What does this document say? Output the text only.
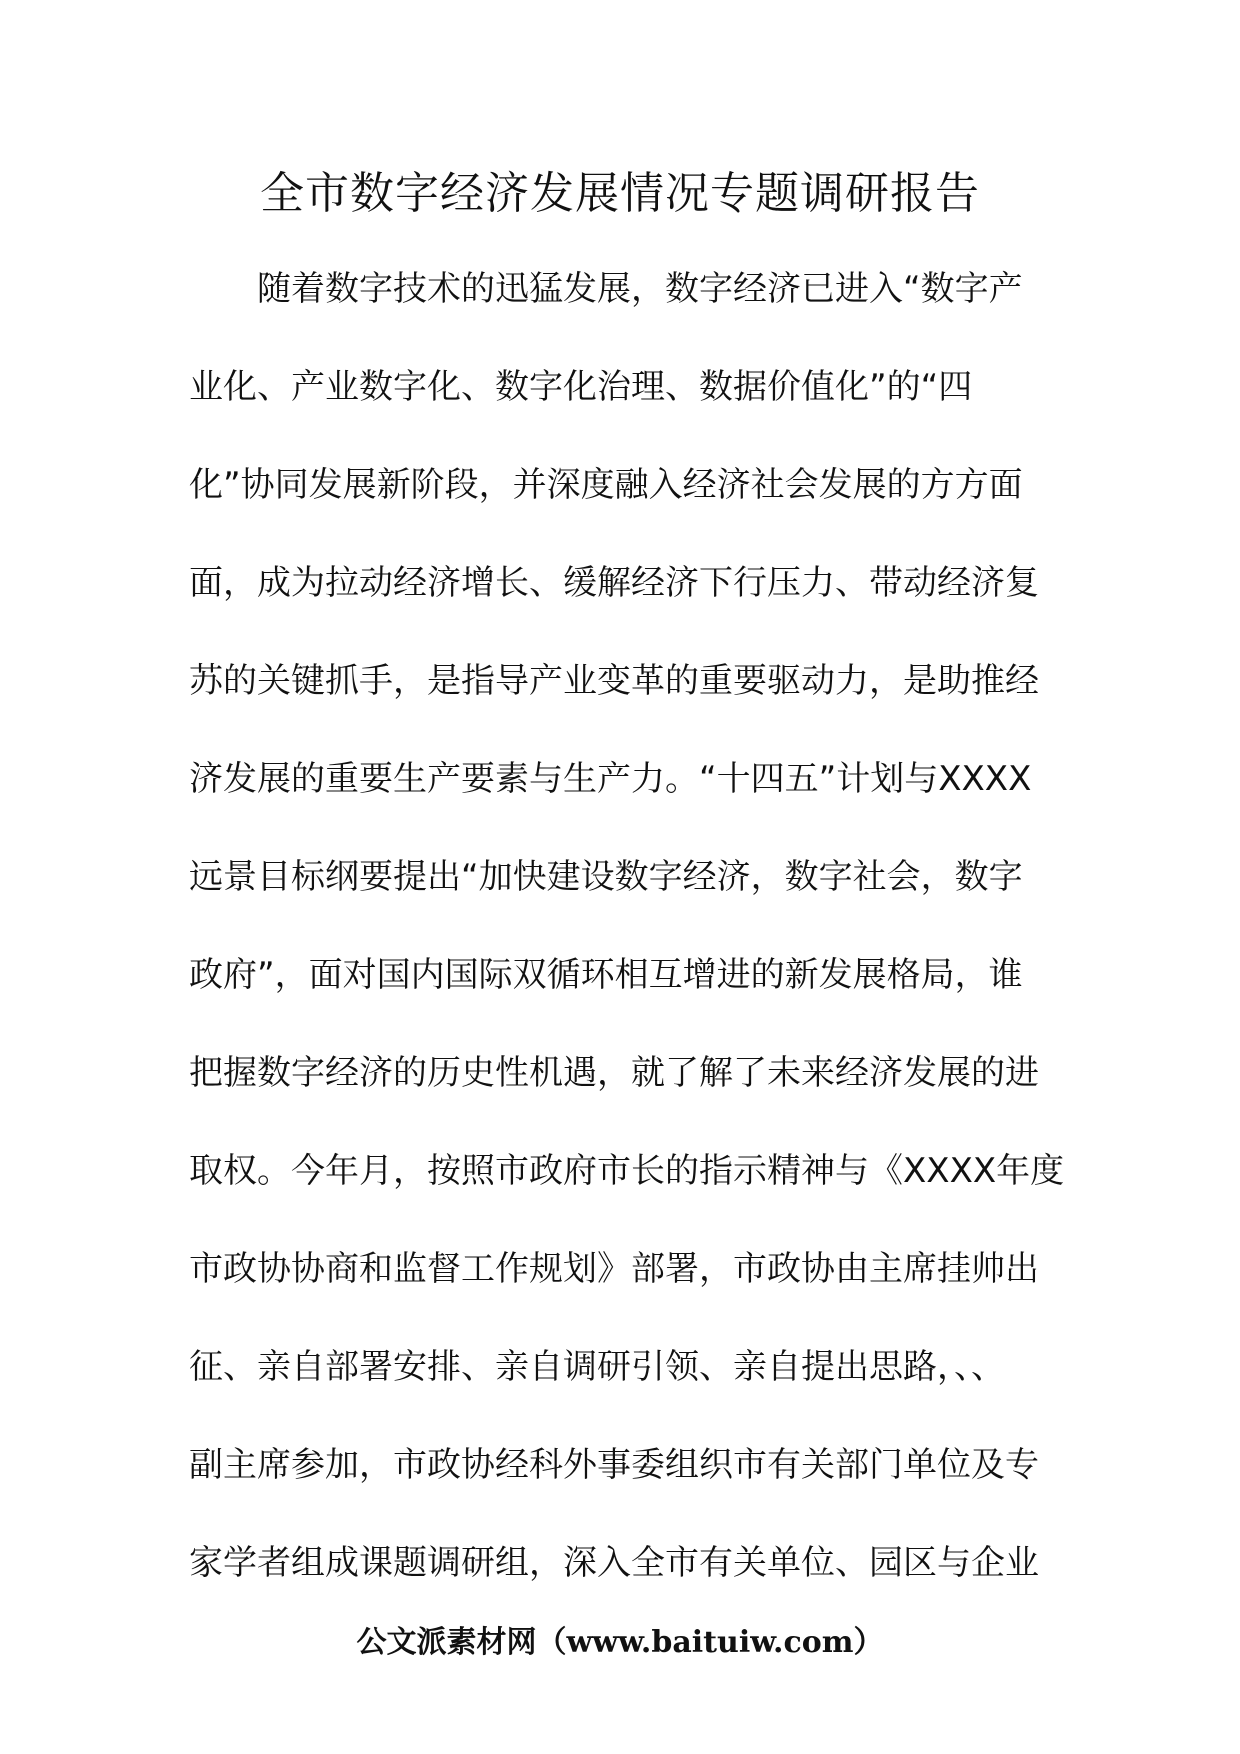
全市数字经济发展情况专题调研报告
随着数字技术的迅猛发展，数字经济已进入“数字产
业化、产业数字化、数字化治理、数据价值化”的“四
化”协同发展新阶段，并深度融入经济社会发展的方方面
面，成为拉动经济增长、缓解经济下行压力、带动经济复
苏的关键抓手，是指导产业变革的重要驱动力，是助推经
济发展的重要生产要素与生产力。“十四五”计划与XXXX
远景目标纲要提出“加快建设数字经济，数字社会，数字
政府”，面对国内国际双循环相互增进的新发展格局，谁
把握数字经济的历史性机遇，就了解了未来经济发展的进
取权。今年月，按照市政府市长的指示精神与《XXXX年度
市政协协商和监督工作规划》部署，市政协由主席挂帅出
征、亲自部署安排、亲自调研引领、亲自提出思路，、、
副主席参加，市政协经科外事委组织市有关部门单位及专
家学者组成课题调研组，深入全市有关单位、园区与企业
公文派素材网（www.baituiw.com）
